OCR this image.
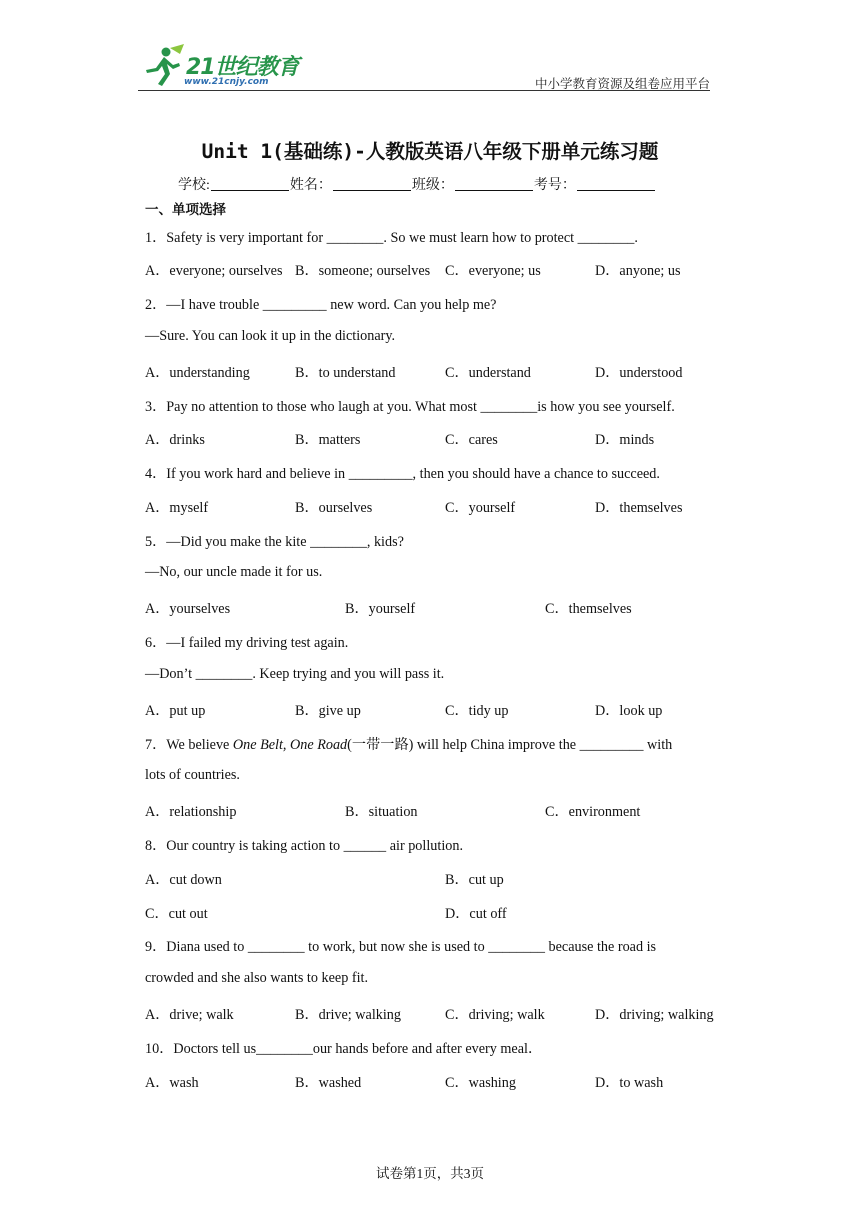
21世纪教育
www.21cnjy.com	中小学教育资源及组卷应用平台
Unit 1(基础练)-人教版英语八年级下册单元练习题
学校:	姓名：	班级：	考号：
一、单项选择
1．Safety is very important for ________. So we must learn how to protect ________.
A．everyone; ourselves B．someone; ourselves C．everyone; us	D．anyone; us
2．—I have trouble _________ new word. Can you help me?
—Sure. You can look it up in the dictionary.
A．understanding	B．to understand	C．understand	D．understood
3．Pay no attention to those who laugh at you. What most ________is how you see yourself.
A．drinks	B．matters	C．cares	D．minds
4．If you work hard and believe in _________, then you should have a chance to succeed.
A．myself	B．ourselves	C．yourself	D．themselves
5．—Did you make the kite ________, kids?
—No, our uncle made it for us.
A．yourselves	B．yourself	C．themselves
6．—I failed my driving test again.
—Don’t ________. Keep trying and you will pass it.
A．put up	B．give up	C．tidy up	D．look up
7．We believe One Belt, One Road(一带一路) will help China improve the _________ with
lots of countries.
A．relationship	B．situation	C．environment
8．Our country is taking action to ______ air pollution.
A．cut down	B．cut up
C．cut out	D．cut off
9．Diana used to ________ to work, but now she is used to ________ because the road is
crowded and she also wants to keep fit.
A．drive; walk	B．drive; walking	C．driving; walk	D．driving; walking
10．Doctors tell us________our hands before and after every meal．
A．wash	B．washed	C．washing	D．to wash
试卷第1页，共3页
